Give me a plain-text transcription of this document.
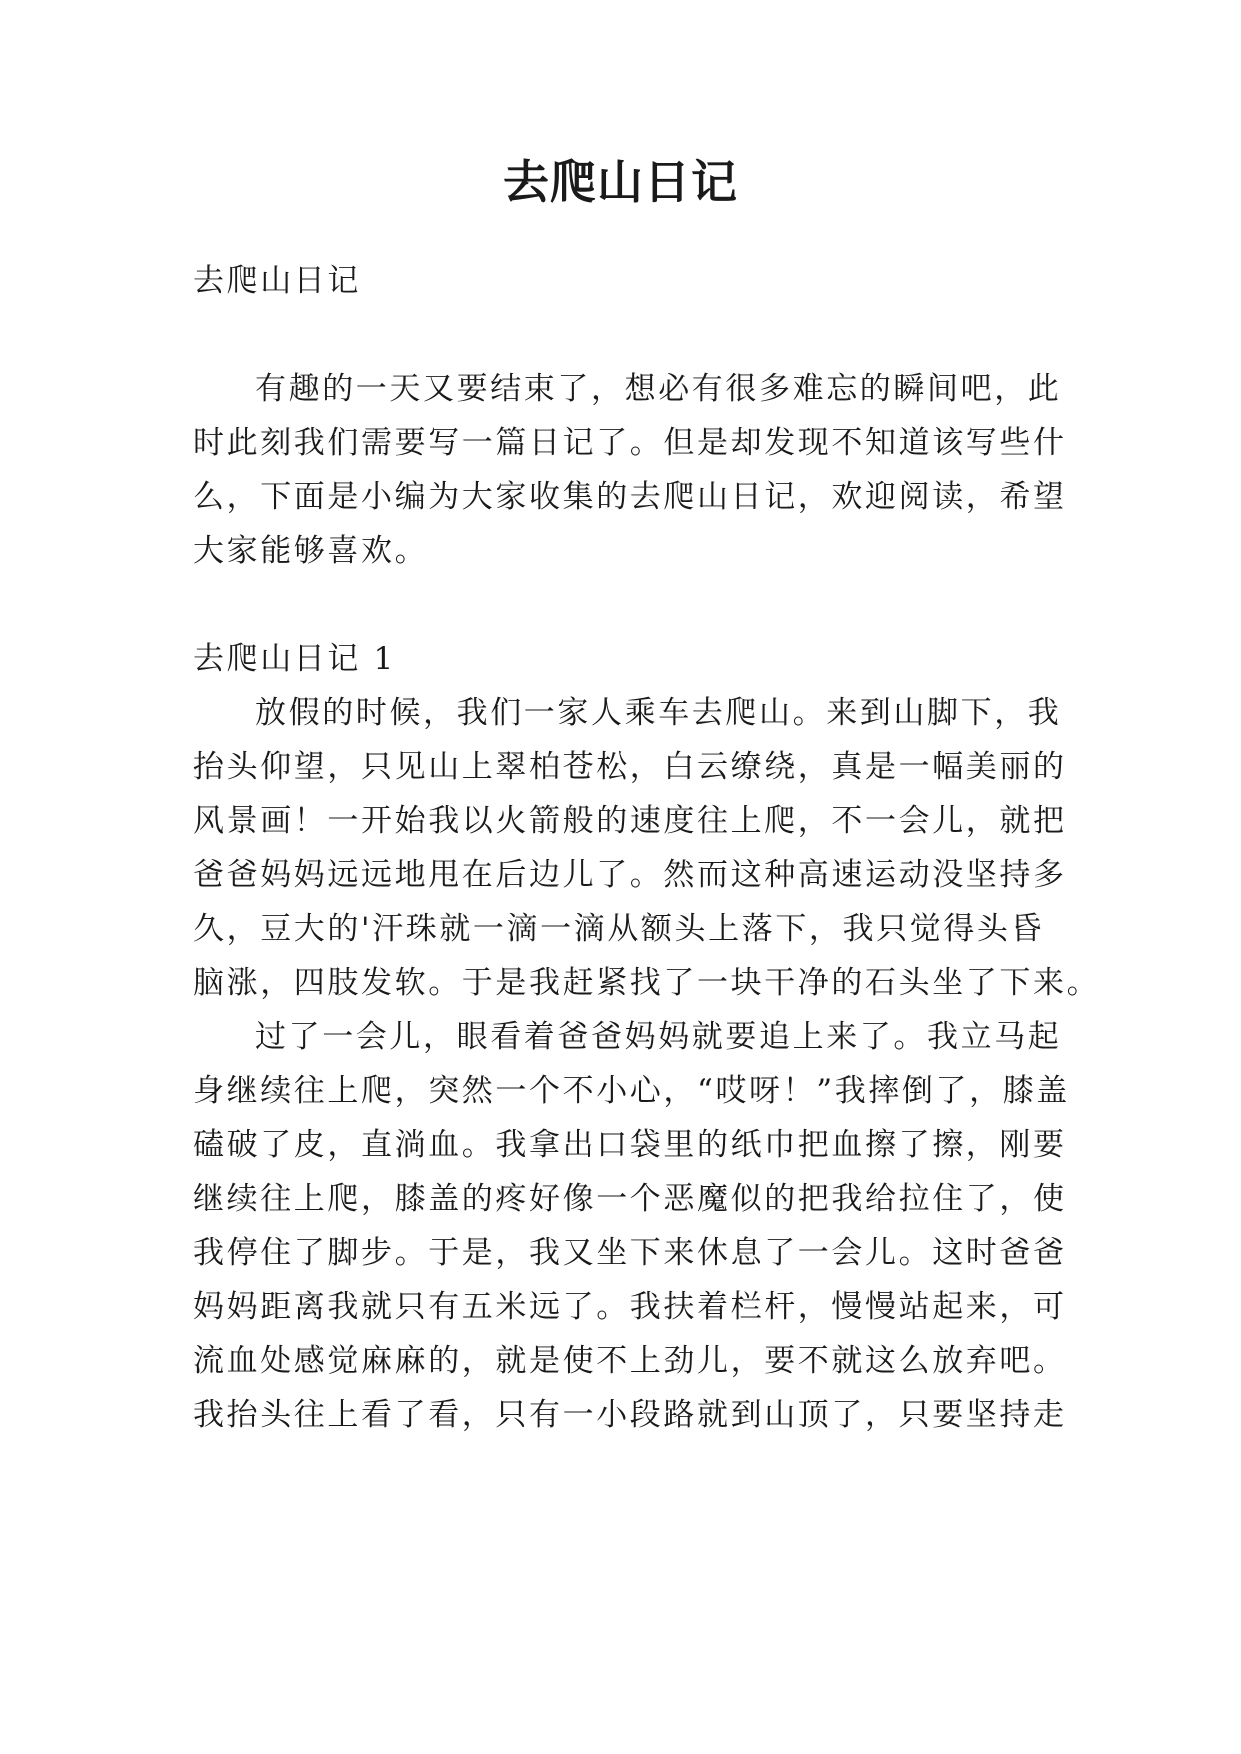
去爬山日记

去爬山日记

有趣的一天又要结束了，想必有很多难忘的瞬间吧，此

时此刻我们需要写一篇日记了。但是却发现不知道该写些什

么，下面是小编为大家收集的去爬山日记，欢迎阅读，希望

大家能够喜欢。

去爬山日记 1

放假的时候，我们一家人乘车去爬山。来到山脚下，我

抬头仰望，只见山上翠柏苍松，白云缭绕，真是一幅美丽的

风景画！一开始我以火箭般的速度往上爬，不一会儿，就把

爸爸妈妈远远地甩在后边儿了。然而这种高速运动没坚持多

久，豆大的'汗珠就一滴一滴从额头上落下，我只觉得头昏

脑涨，四肢发软。于是我赶紧找了一块干净的石头坐了下来。

过了一会儿，眼看着爸爸妈妈就要追上来了。我立马起

身继续往上爬，突然一个不小心，“哎呀！”我摔倒了，膝盖

磕破了皮，直淌血。我拿出口袋里的纸巾把血擦了擦，刚要

继续往上爬，膝盖的疼好像一个恶魔似的把我给拉住了，使

我停住了脚步。于是，我又坐下来休息了一会儿。这时爸爸

妈妈距离我就只有五米远了。我扶着栏杆，慢慢站起来，可

流血处感觉麻麻的，就是使不上劲儿，要不就这么放弃吧。

我抬头往上看了看，只有一小段路就到山顶了，只要坚持走
